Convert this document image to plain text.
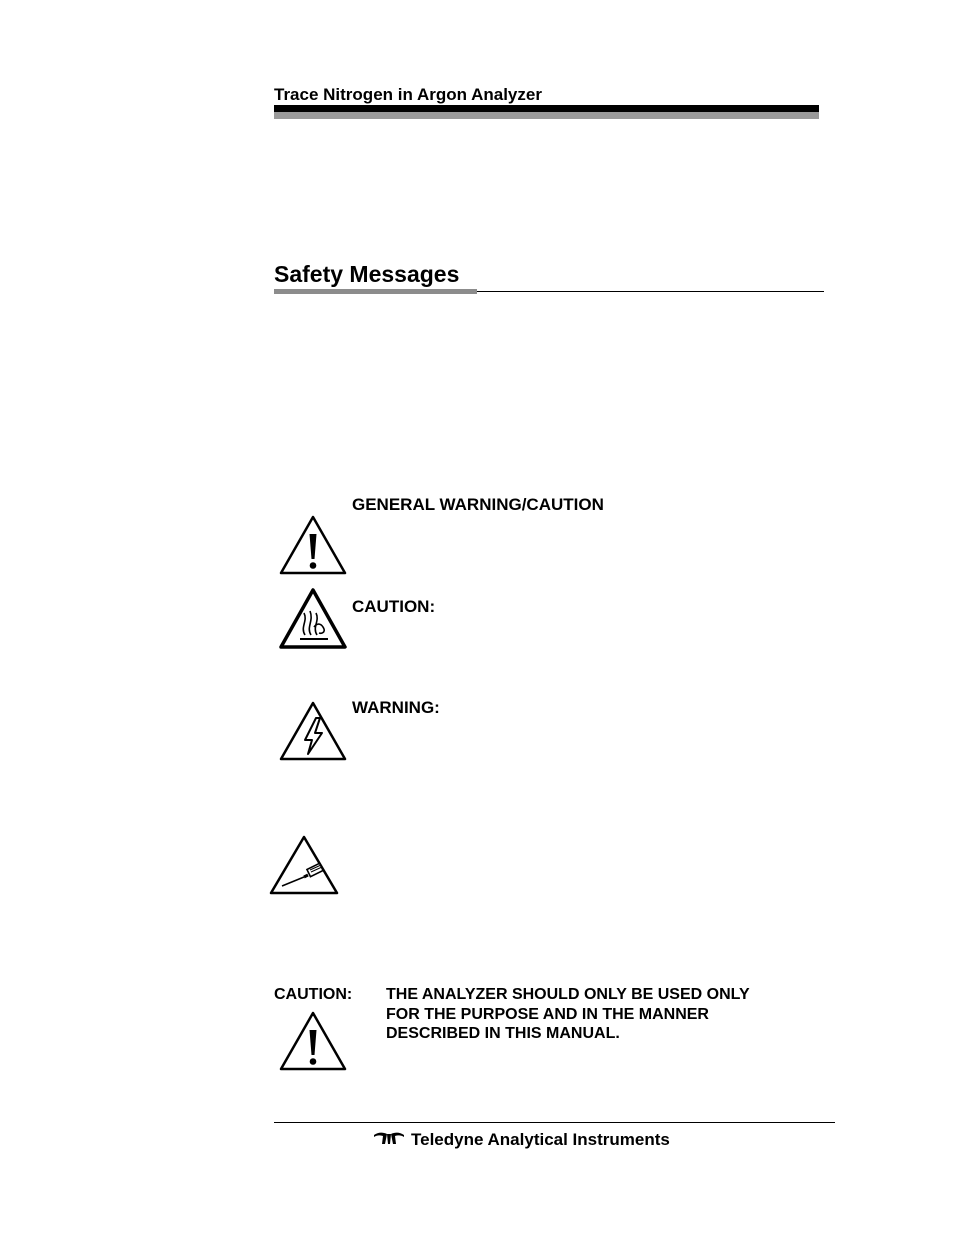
Trace Nitrogen in Argon Analyzer
Safety Messages
GENERAL WARNING/CAUTION
CAUTION:
WARNING:
CAUTION: THE ANALYZER SHOULD ONLY BE USED ONLY
FOR THE PURPOSE AND IN THE MANNER
DESCRIBED IN THIS MANUAL.
Teledyne Analytical Instruments
